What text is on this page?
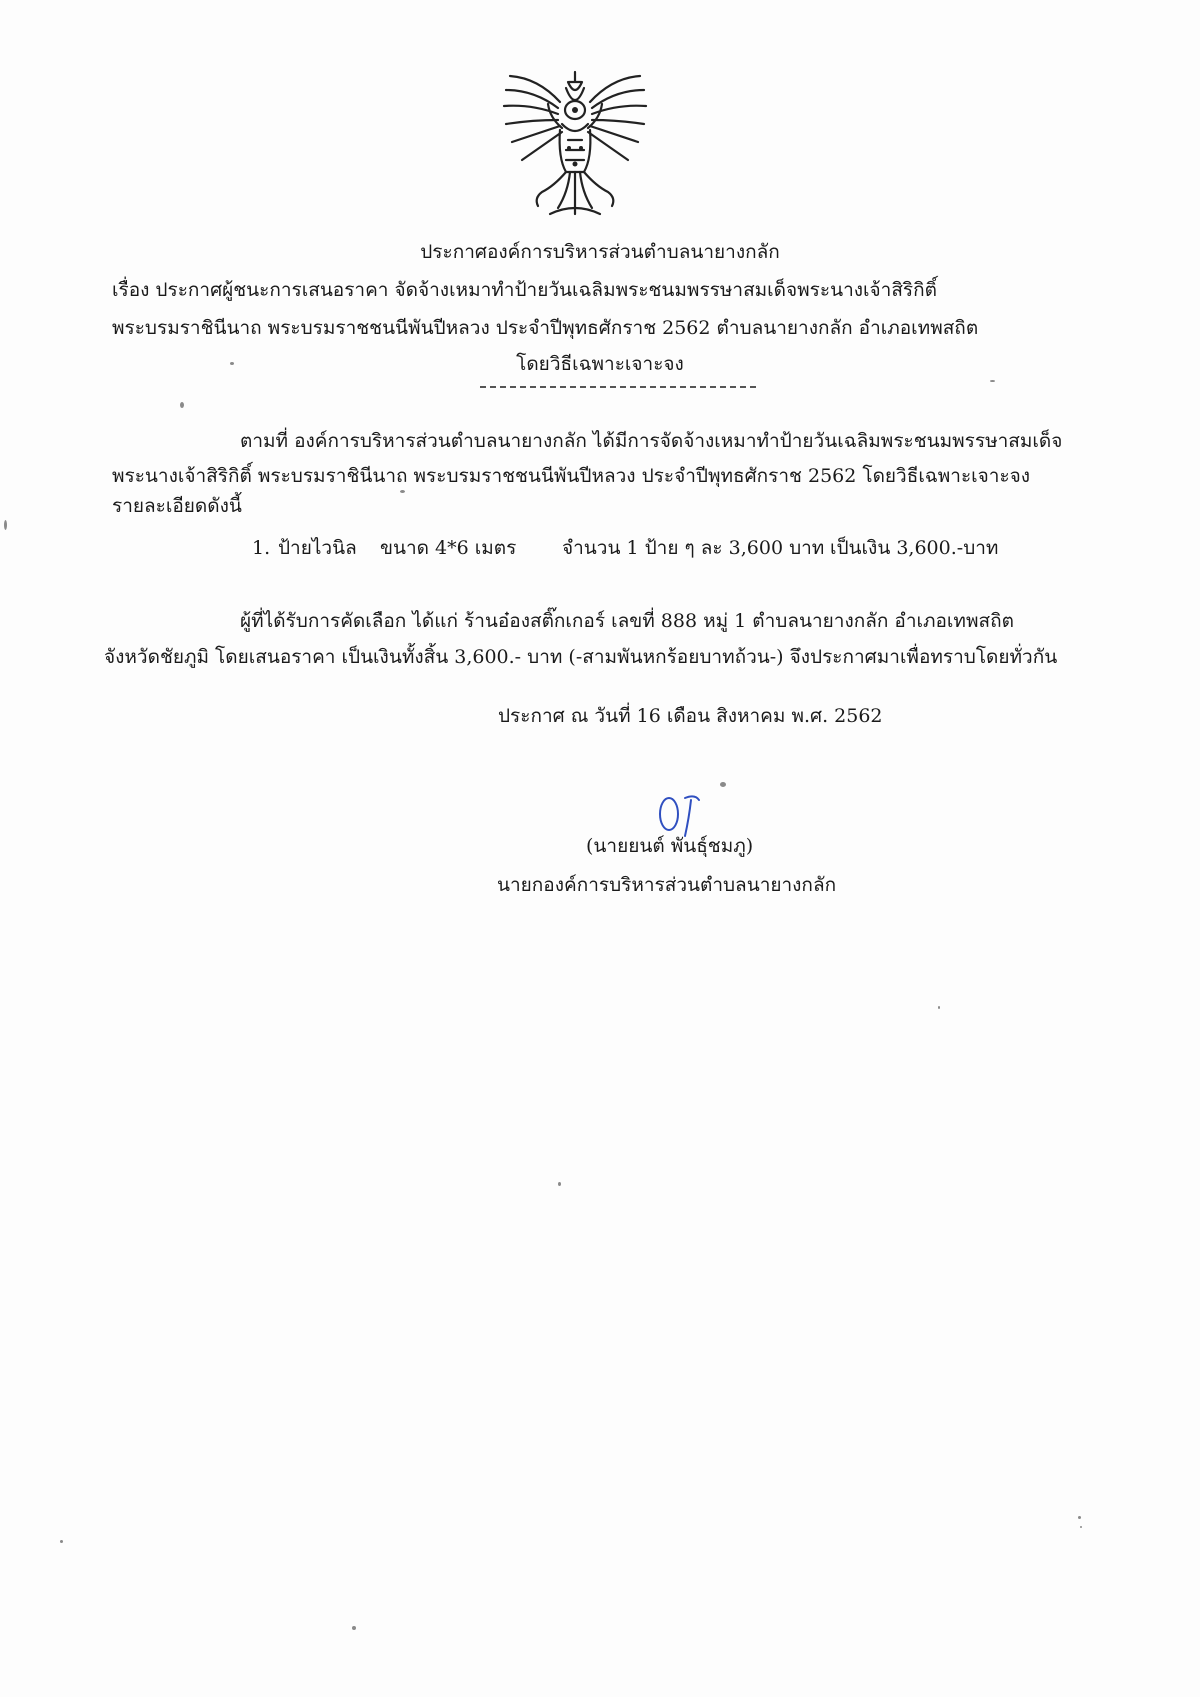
ประกาศองค์การบริหารส่วนตำบลนายางกลัก
เรื่อง ประกาศผู้ชนะการเสนอราคา จัดจ้างเหมาทำป้ายวันเฉลิมพระชนมพรรษาสมเด็จพระนางเจ้าสิริกิติ์
พระบรมราชินีนาถ พระบรมราชชนนีพันปีหลวง ประจำปีพุทธศักราช 2562 ตำบลนายางกลัก อำเภอเทพสถิต
โดยวิธีเฉพาะเจาะจง
ตามที่ องค์การบริหารส่วนตำบลนายางกลัก ได้มีการจัดจ้างเหมาทำป้ายวันเฉลิมพระชนมพรรษาสมเด็จ
พระนางเจ้าสิริกิติ์ พระบรมราชินีนาถ พระบรมราชชนนีพันปีหลวง ประจำปีพุทธศักราช 2562 โดยวิธีเฉพาะเจาะจง
รายละเอียดดังนี้
1. ป้ายไวนิล ขนาด 4*6 เมตร จำนวน 1 ป้าย ๆ ละ 3,600 บาท เป็นเงิน 3,600.-บาท
ผู้ที่ได้รับการคัดเลือก ได้แก่ ร้านอ๋องสติ๊กเกอร์ เลขที่ 888 หมู่ 1 ตำบลนายางกลัก อำเภอเทพสถิต
จังหวัดชัยภูมิ โดยเสนอราคา เป็นเงินทั้งสิ้น 3,600.- บาท (-สามพันหกร้อยบาทถ้วน-) จึงประกาศมาเพื่อทราบโดยทั่วกัน
ประกาศ ณ วันที่ 16 เดือน สิงหาคม พ.ศ. 2562
(นายยนต์ พันธุ์ชมภู)
นายกองค์การบริหารส่วนตำบลนายางกลัก
